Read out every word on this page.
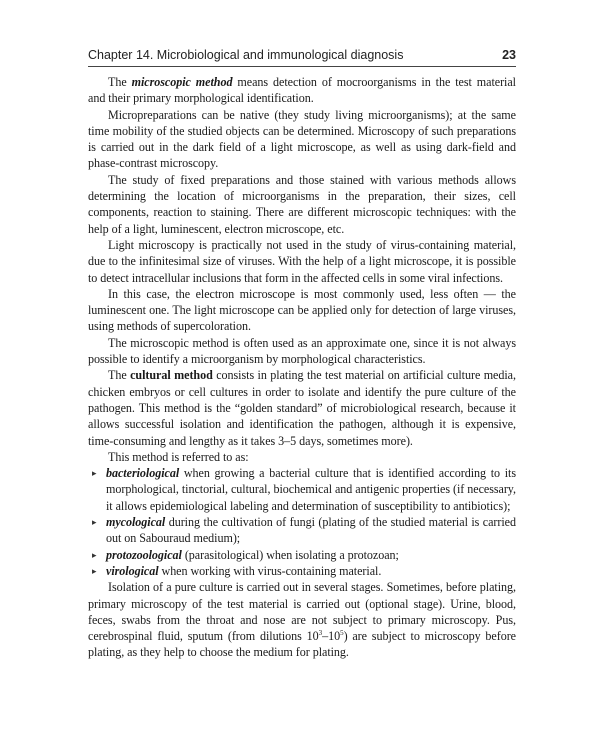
Chapter 14. Microbiological and immunological diagnosis	23

The microscopic method means detection of mocroorganisms in the test material and their primary morphological identification.

Micropreparations can be native (they study living microorganisms); at the same time mobility of the studied objects can be determined. Microscopy of such preparations is carried out in the dark field of a light microscope, as well as using dark-field and phase-contrast microscopy.

The study of fixed preparations and those stained with various methods allows determining the location of microorganisms in the preparation, their sizes, cell components, reaction to staining. There are different microscopic techniques: with the help of a light, luminescent, electron microscope, etc.

Light microscopy is practically not used in the study of virus-containing material, due to the infinitesimal size of viruses. With the help of a light microscope, it is possible to detect intracellular inclusions that form in the affected cells in some viral infections.

In this case, the electron microscope is most commonly used, less often — the luminescent one. The light microscope can be applied only for detection of large viruses, using methods of supercoloration.

The microscopic method is often used as an approximate one, since it is not always possible to identify a microorganism by morphological characteristics.

The cultural method consists in plating the test material on artificial culture media, chicken embryos or cell cultures in order to isolate and identify the pure culture of the pathogen. This method is the “golden standard” of microbiological research, because it allows successful isolation and identification the pathogen, although it is expensive, time-consuming and lengthy as it takes 3–5 days, sometimes more).

This method is referred to as:

▸ bacteriological when growing a bacterial culture that is identified according to its morphological, tinctorial, cultural, biochemical and antigenic properties (if necessary, it allows epidemiological labeling and determination of susceptibility to antibiotics);
▸ mycological during the cultivation of fungi (plating of the studied material is carried out on Sabouraud medium);
▸ protozoological (parasitological) when isolating a protozoan;
▸ virological when working with virus-containing material.

Isolation of a pure culture is carried out in several stages. Sometimes, before plating, primary microscopy of the test material is carried out (optional stage). Urine, blood, feces, swabs from the throat and nose are not subject to primary microscopy. Pus, cerebrospinal fluid, sputum (from dilutions $10^3-10^5$) are subject to microscopy before plating, as they help to choose the medium for plating.
